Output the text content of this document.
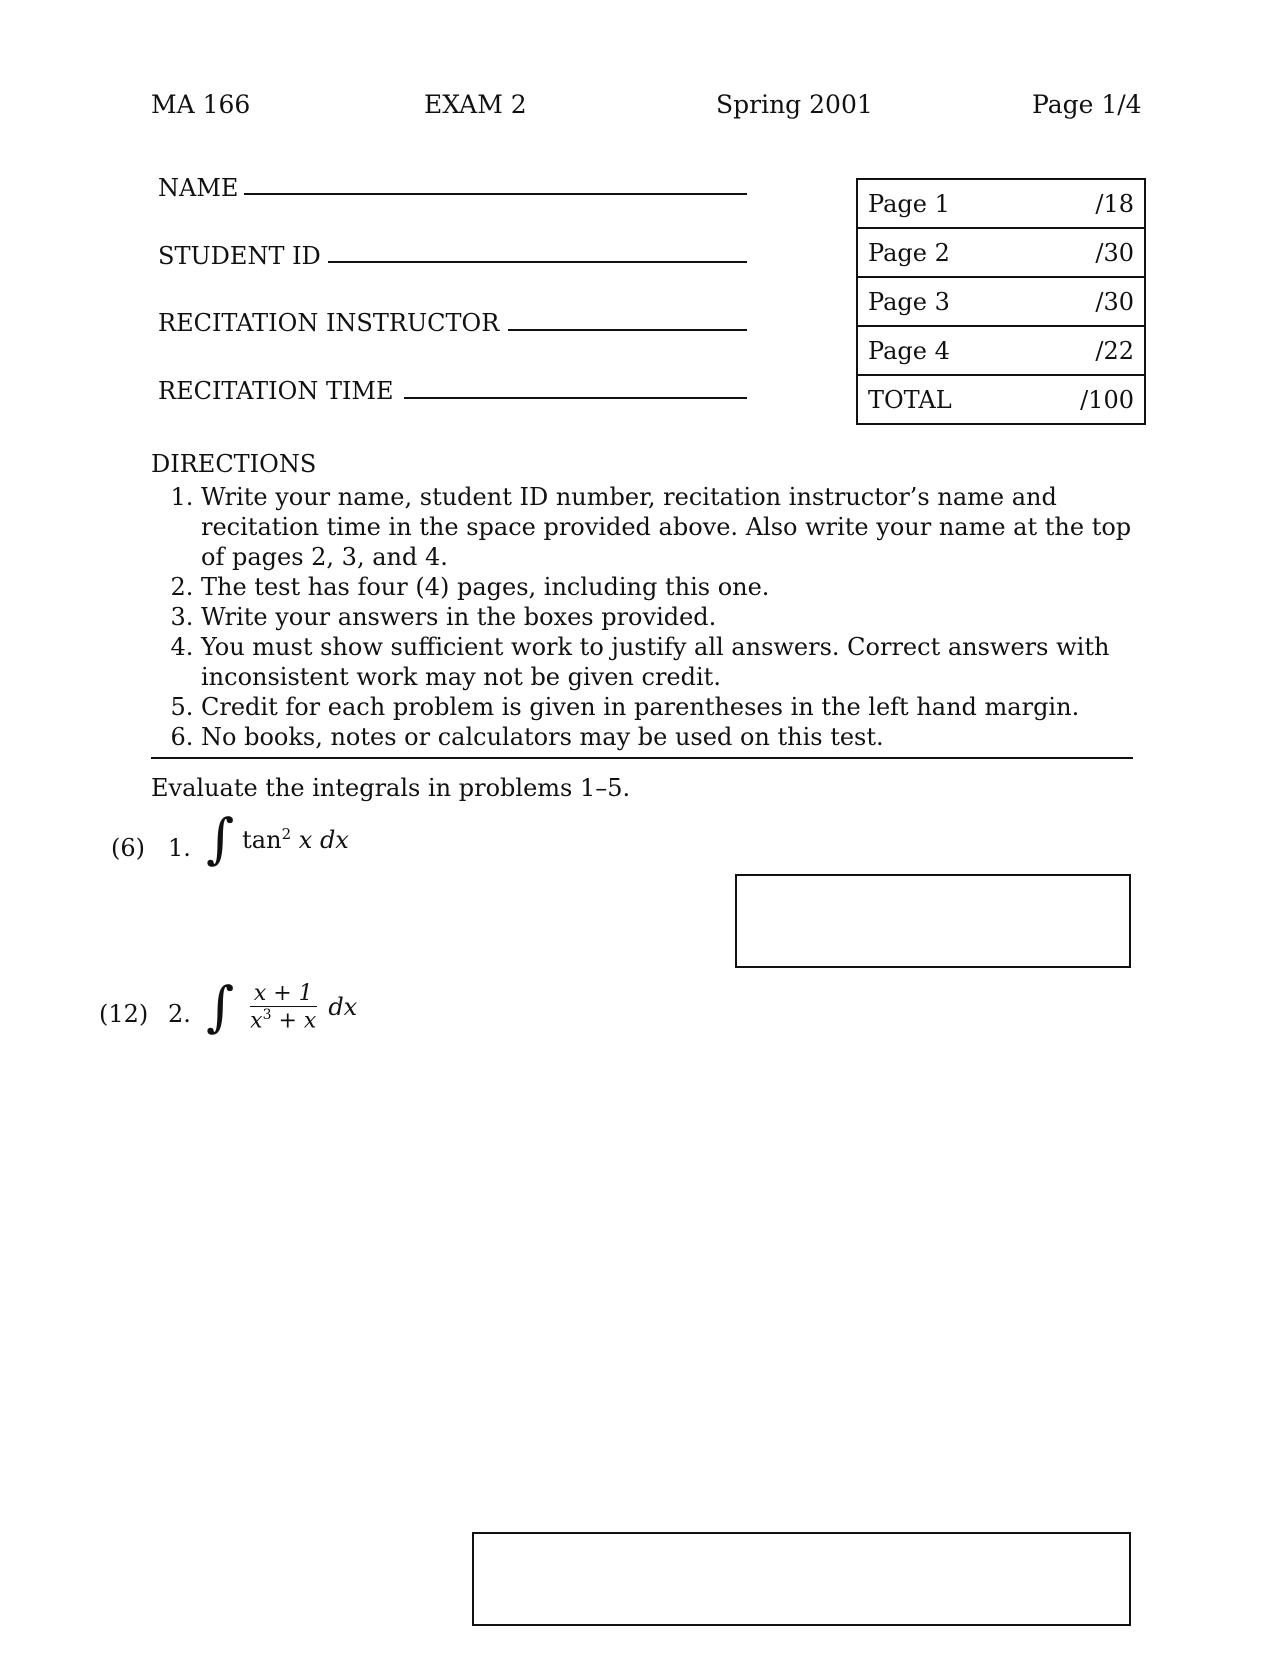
MA 166	EXAM 2	Spring 2001	Page 1/4
NAME
STUDENT ID
RECITATION INSTRUCTOR
RECITATION TIME
Page 1	/18
Page 2	/30
Page 3	/30
Page 4	/22
TOTAL	/100
DIRECTIONS
1. Write your name, student ID number, recitation instructor’s name and recitation time in the space provided above. Also write your name at the top of pages 2, 3, and 4.
2. The test has four (4) pages, including this one.
3. Write your answers in the boxes provided.
4. You must show sufficient work to justify all answers. Correct answers with inconsistent work may not be given credit.
5. Credit for each problem is given in parentheses in the left hand margin.
6. No books, notes or calculators may be used on this test.
Evaluate the integrals in problems 1–5.
(6) 1. ∫ $\tan^2 x$ dx
(12) 2. ∫ $\frac{x + 1}{x^3 + x}$ dx
